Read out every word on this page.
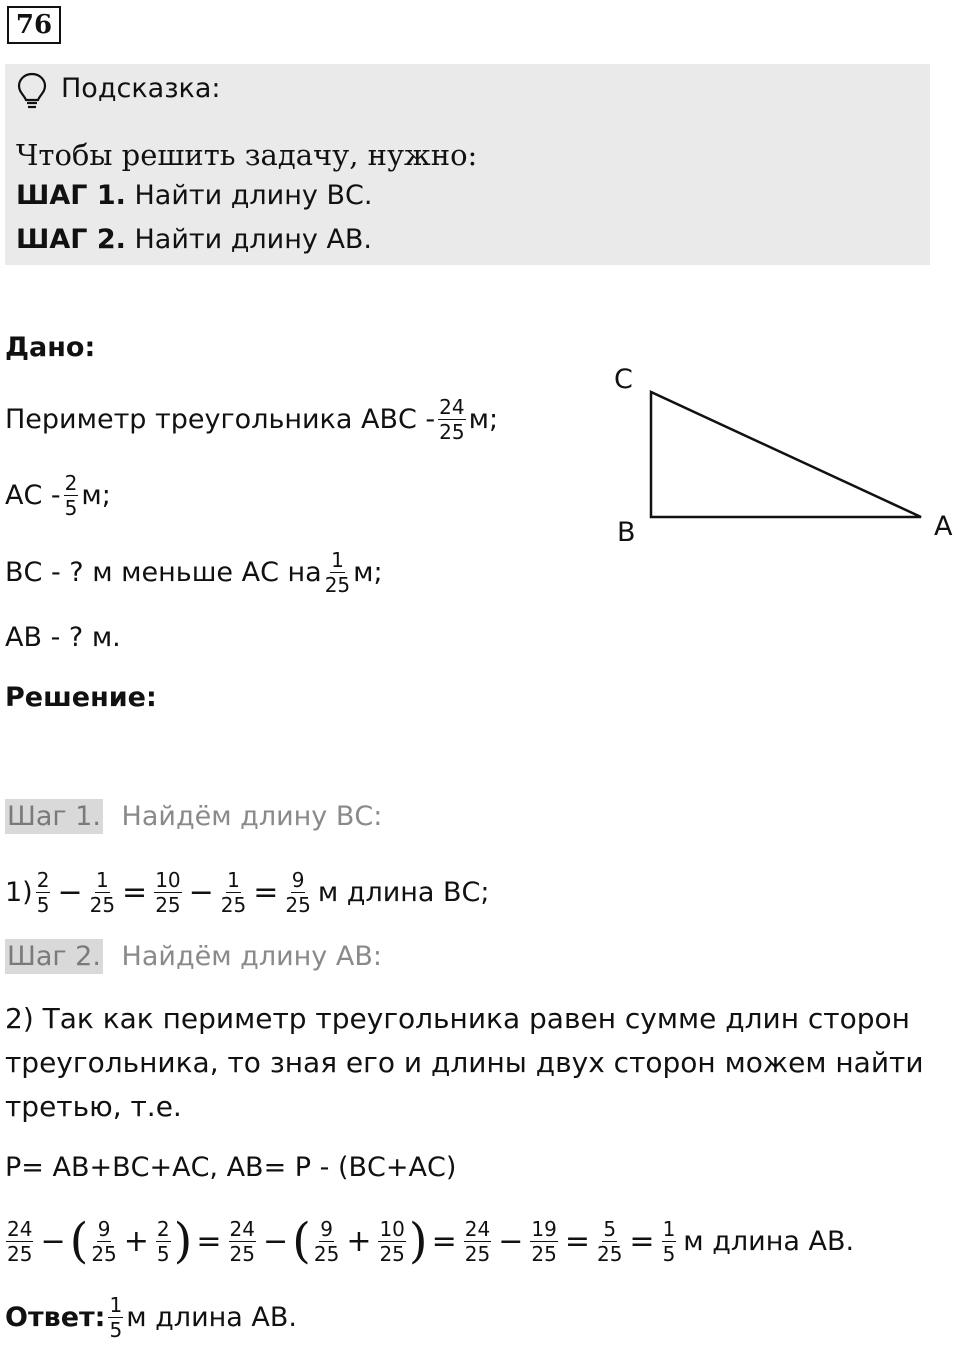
76
Подсказка:
Чтобы решить задачу, нужно:
ШАГ 1. Найти длину ВС.
ШАГ 2. Найти длину АВ.
Дано:
Периметр треугольника АВС - $\frac{24}{25} м$;
АС - $\frac{2}{5} м$;
ВС - ? м меньше АС на $\frac{1}{25} м$;
АВ - ? м.
С
В	А
Решение:
Шаг 1. Найдём длину ВС:
$1) \frac{2}{5} - \frac{1}{25} = \frac{10}{25} - \frac{1}{25} = \frac{9}{25}$ м длина ВС;
Шаг 2. Найдём длину АВ:
2) Так как периметр треугольника равен сумме длин сторон
треугольника, то зная его и длины двух сторон можем найти
третью, т.е.
Р= АВ+ВС+АС, АВ= Р - (ВС+АС)
$\frac{24}{25}$ − ( $\frac{9}{25} + \frac{2}{5}$ ) = $\frac{24}{25}$ − ( $\frac{9}{25} + \frac{10}{25}$ ) = $\frac{24}{25} - \frac{19}{25} = \frac{5}{25} = \frac{1}{5}$ м длина АВ.
Ответ: $\frac{1}{5}$ м длина АВ.
